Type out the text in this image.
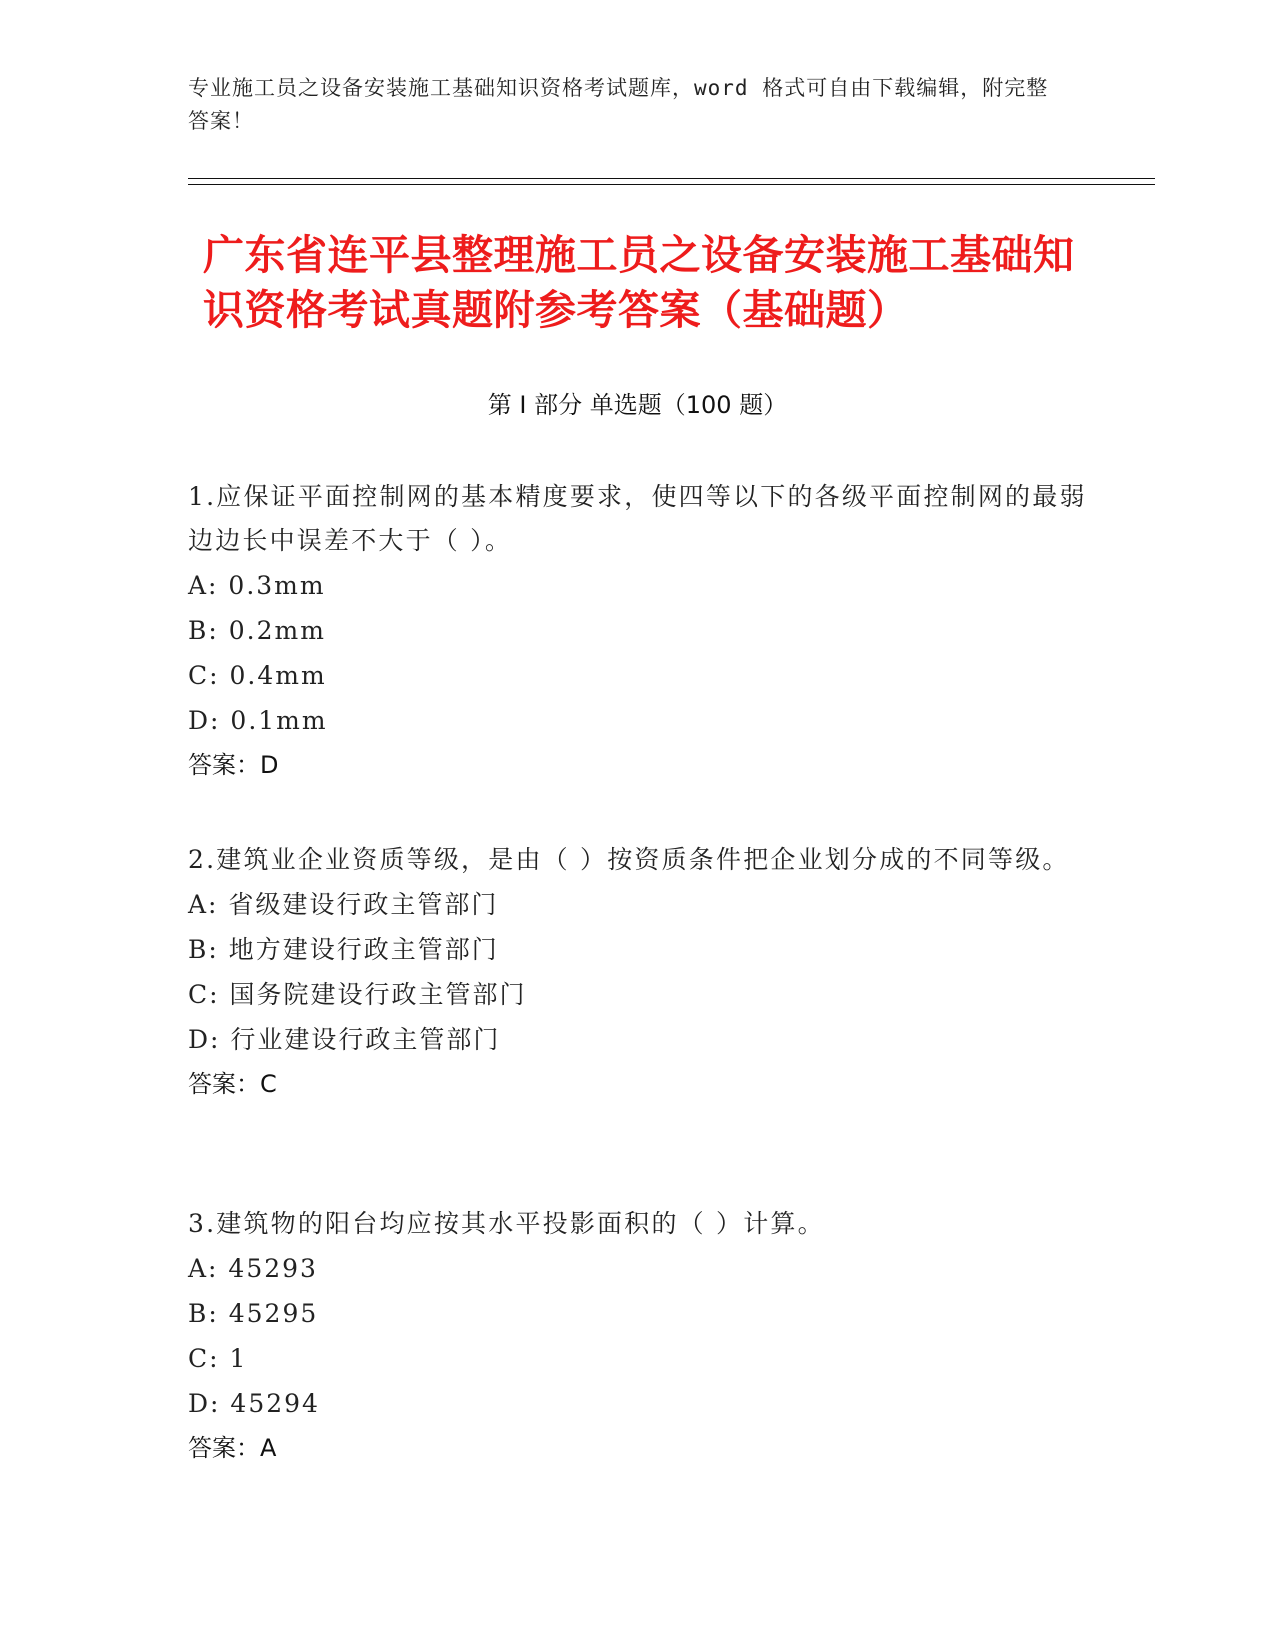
专业施工员之设备安装施工基础知识资格考试题库，word 格式可自由下载编辑，附完整答案！
广东省连平县整理施工员之设备安装施工基础知识资格考试真题附参考答案（基础题）
第 I 部分 单选题（100 题）

1.应保证平面控制网的基本精度要求，使四等以下的各级平面控制网的最弱边边长中误差不大于（ ）。

A: 0.3mm

B: 0.2mm

C: 0.4mm

D: 0.1mm

答案：D

2.建筑业企业资质等级，是由（ ）按资质条件把企业划分成的不同等级。

A: 省级建设行政主管部门

B: 地方建设行政主管部门

C: 国务院建设行政主管部门

D: 行业建设行政主管部门

答案：C

3.建筑物的阳台均应按其水平投影面积的（ ）计算。

A: 45293

B: 45295

C: 1

D: 45294

答案：A
